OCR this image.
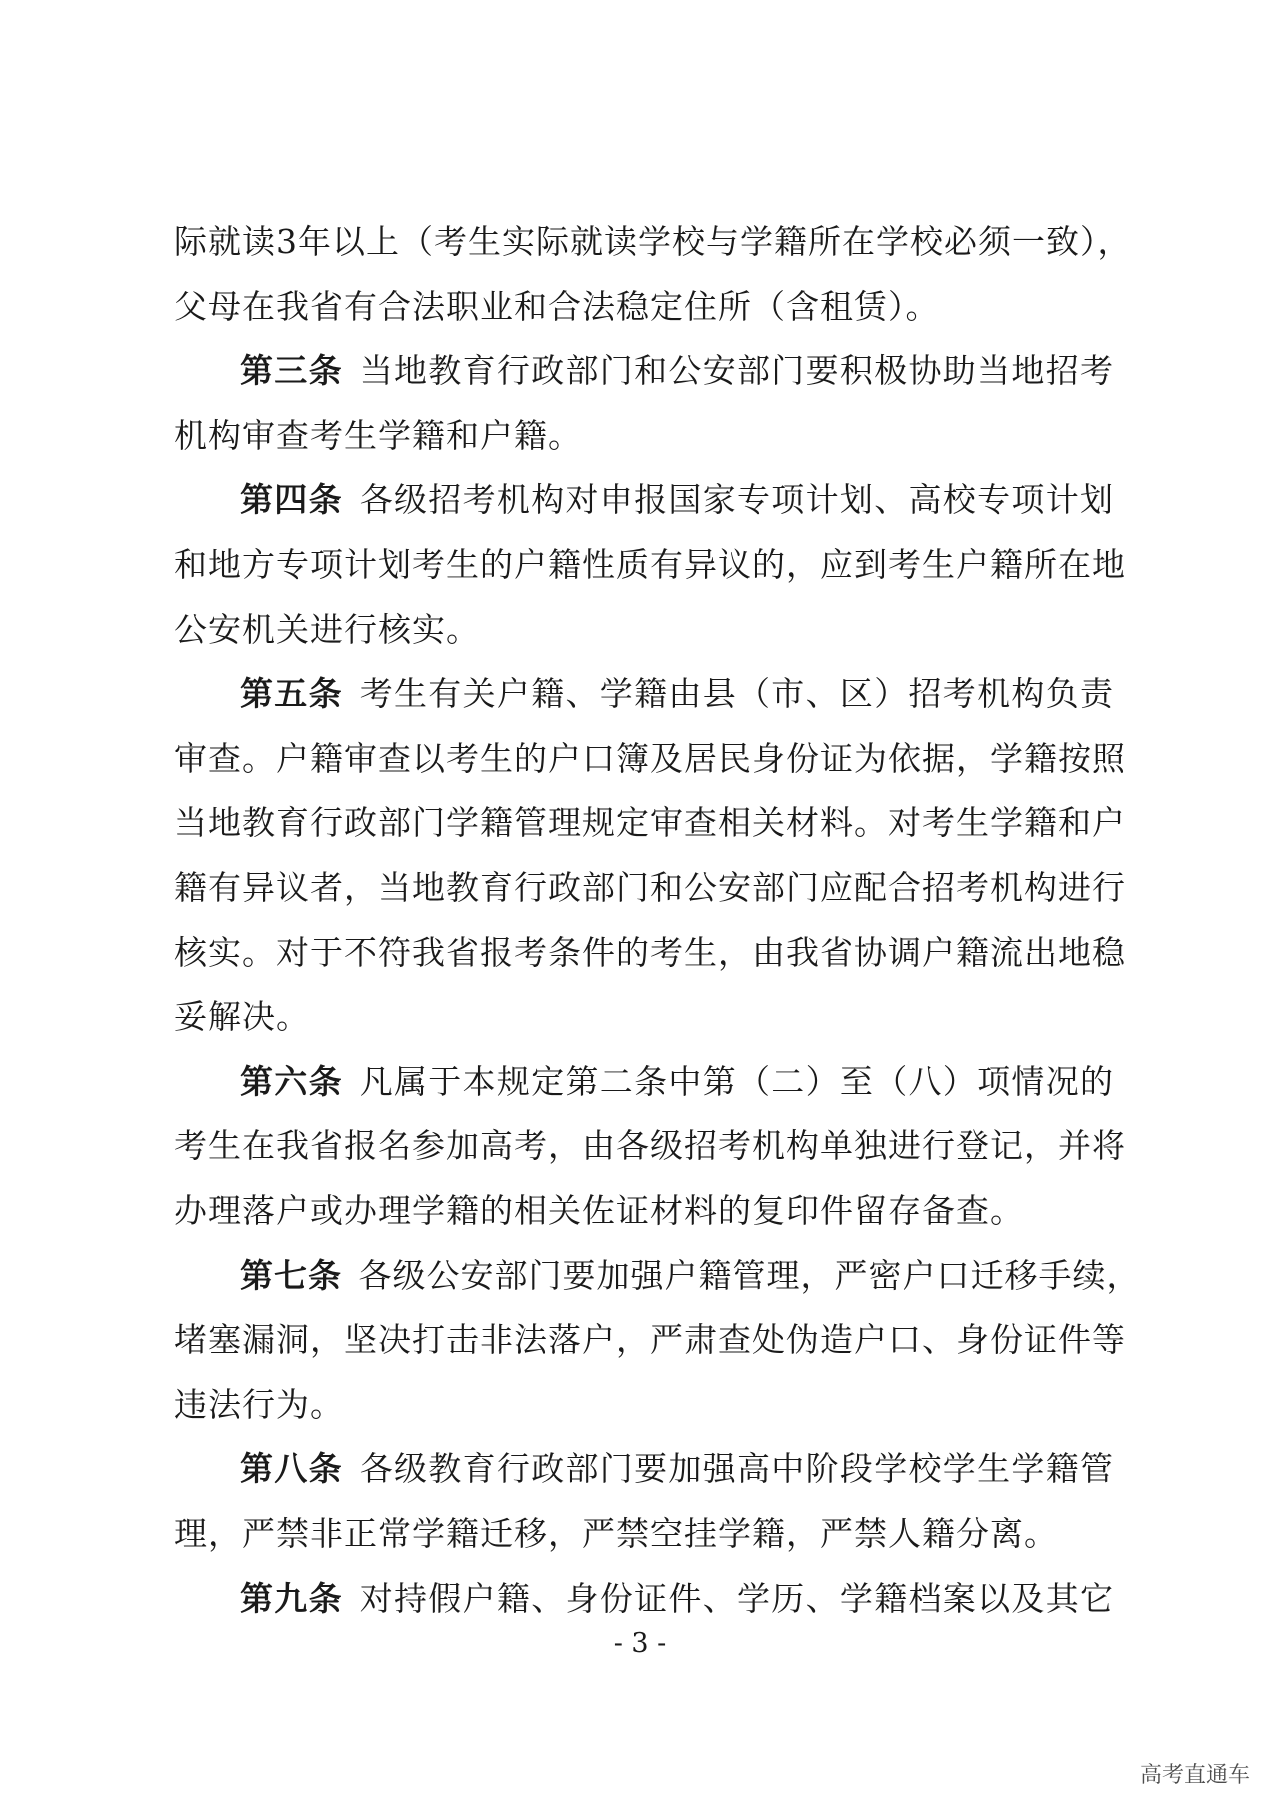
际就读3年以上（考生实际就读学校与学籍所在学校必须一致），
父母在我省有合法职业和合法稳定住所（含租赁）。
第三条  当地教育行政部门和公安部门要积极协助当地招考
机构审查考生学籍和户籍。
第四条  各级招考机构对申报国家专项计划、高校专项计划
和地方专项计划考生的户籍性质有异议的，应到考生户籍所在地
公安机关进行核实。
第五条  考生有关户籍、学籍由县（市、区）招考机构负责
审查。户籍审查以考生的户口簿及居民身份证为依据，学籍按照
当地教育行政部门学籍管理规定审查相关材料。对考生学籍和户
籍有异议者，当地教育行政部门和公安部门应配合招考机构进行
核实。对于不符我省报考条件的考生，由我省协调户籍流出地稳
妥解决。
第六条  凡属于本规定第二条中第（二）至（八）项情况的
考生在我省报名参加高考，由各级招考机构单独进行登记，并将
办理落户或办理学籍的相关佐证材料的复印件留存备查。
第七条  各级公安部门要加强户籍管理，严密户口迁移手续，
堵塞漏洞，坚决打击非法落户，严肃查处伪造户口、身份证件等
违法行为。
第八条  各级教育行政部门要加强高中阶段学校学生学籍管
理，严禁非正常学籍迁移，严禁空挂学籍，严禁人籍分离。
第九条  对持假户籍、身份证件、学历、学籍档案以及其它
- 3 -
高考直通车
